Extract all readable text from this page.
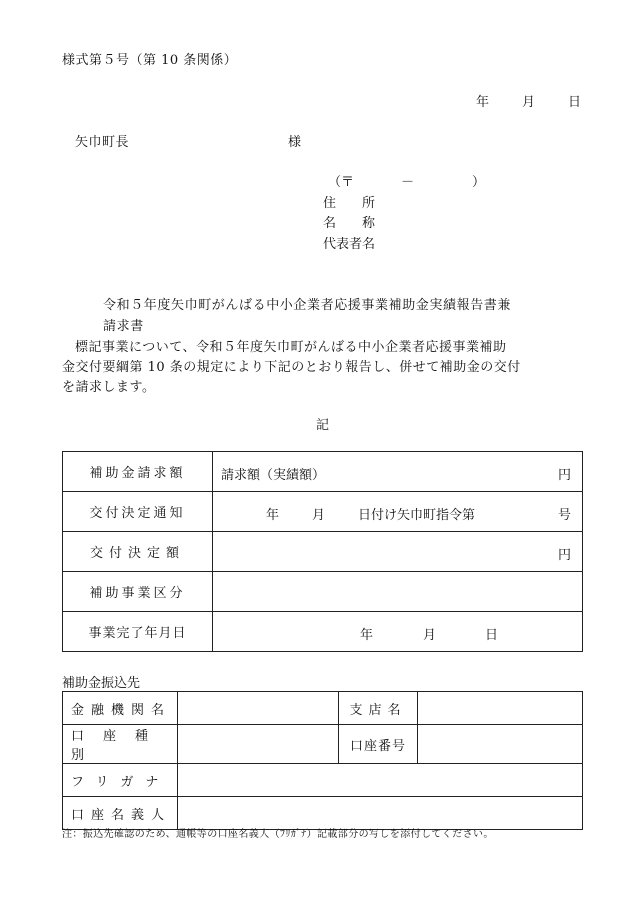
様式第５号（第 10 条関係）
年	月	日
矢巾町長	様
（〒	－	）
住　　所
名　　称
代表者名
令和５年度矢巾町がんばる中小企業者応援事業補助金実績報告書兼
請求書
標記事業について、令和５年度矢巾町がんばる中小企業者応援事業補助
金交付要綱第 10 条の規定により下記のとおり報告し、併せて補助金の交付
を請求します。
記
補助金請求額	請求額（実績額） 円

交付決定通知	年 月 日付け矢巾町指令第 号

交付決定額	円

補助事業区分	
事業完了年月日	年 月 日
補助金振込先
金融機関名		支店名	
口座種別		口座番号	
フリガナ			
口座名義人			
注：振込先確認のため、通帳等の口座名義人（ﾌﾘｶﾞﾅ）記載部分の写しを添付してください。
